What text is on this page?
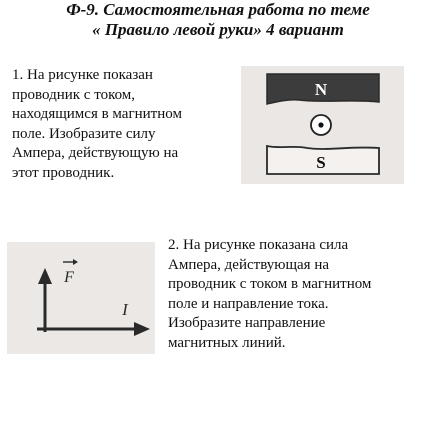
Ф-9. Самостоятельная работа по теме
« Правило левой руки» 4 вариант
1. На рисунке показан
проводник с током,
находящимся в магнитном
поле. Изобразите силу
Ампера, действующую на
этот проводник.
N
S
F
I
2. На рисунке показана сила
Ампера, действующая на
проводник с током в магнитном
поле и направление тока.
Изобразите направление
магнитных линий.
